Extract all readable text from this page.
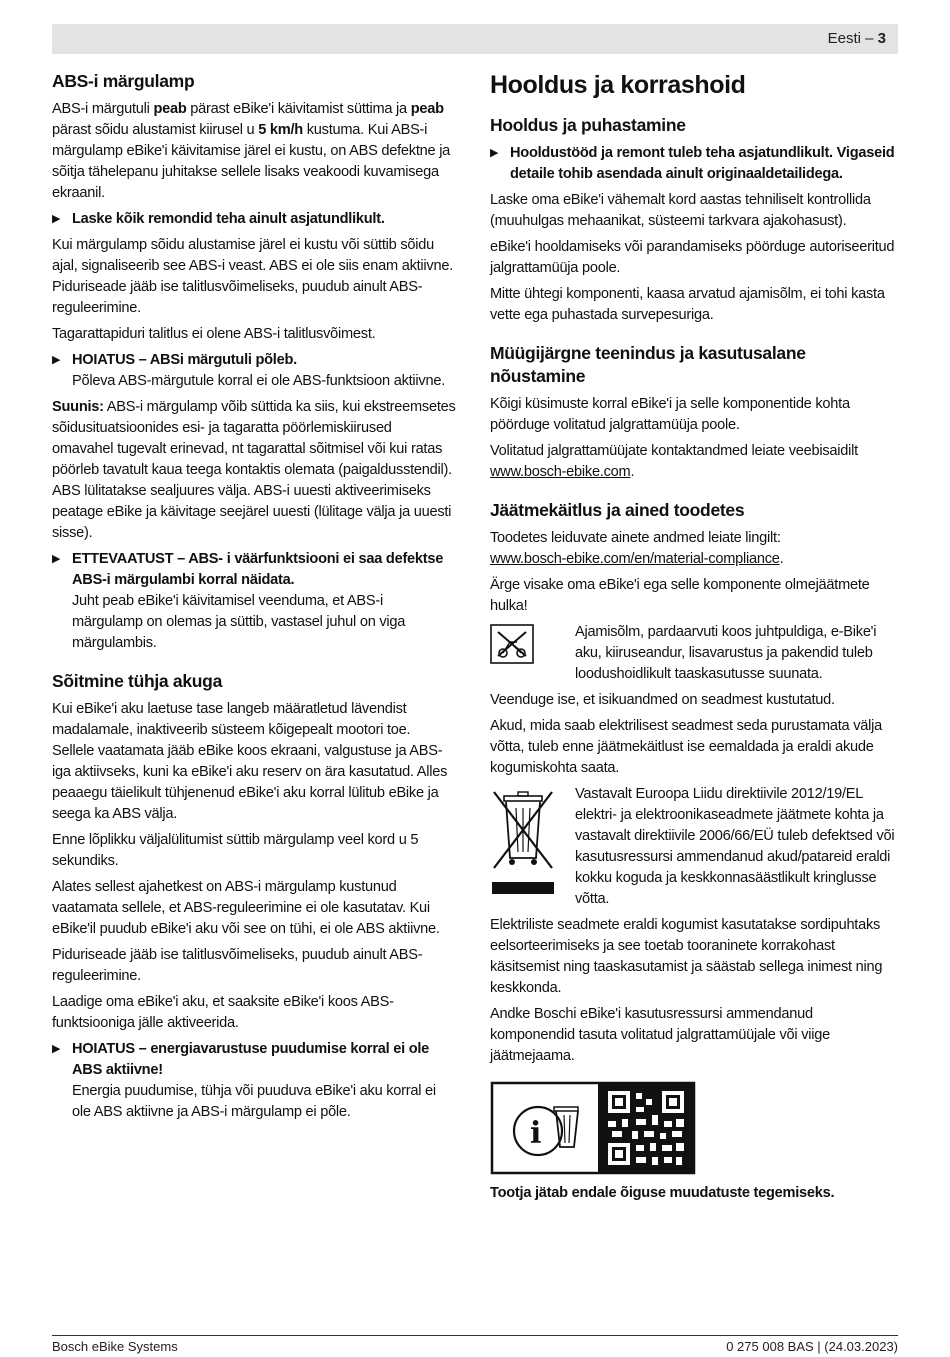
Eesti – 3
ABS-i märgulamp

ABS-i märgutuli peab pärast eBike'i käivitamist süttima ja peab pärast sõidu alustamist kiirusel u 5 km/h kustuma. Kui ABS-i märgulamp eBike'i käivitamise järel ei kustu, on ABS defektne ja sõitja tähelepanu juhitakse sellele lisaks veakoodi kuvamisega ekraanil.

▶ Laske kõik remondid teha ainult asjatundlikult.

Kui märgulamp sõidu alustamise järel ei kustu või süttib sõidu ajal, signaliseerib see ABS-i veast. ABS ei ole siis enam aktiivne. Piduriseade jääb ise talitlusvõimeliseks, puudub ainult ABS-reguleerimine.

Tagarattapiduri talitlus ei olene ABS-i talitlusvõimest.

▶ HOIATUS – ABSi märgutuli põleb.
Põleva ABS-märgutule korral ei ole ABS-funktsioon aktiivne.

Suunis: ABS-i märgulamp võib süttida ka siis, kui ekstreemsetes sõidusituatsioonides esi- ja tagaratta pöörlemiskiirused omavahel tugevalt erinevad, nt tagarattal sõitmisel või kui ratas pöörleb tavatult kaua teega kontaktis olemata (paigaldusstendil). ABS lülitatakse sealjuures välja. ABS-i uuesti aktiveerimiseks peatage eBike ja käivitage seejärel uuesti (lülitage välja ja uuesti sisse).

▶ ETTEVAATUST – ABS- i väärfunktsiooni ei saa defektse ABS-i märgulambi korral näidata.
Juht peab eBike'i käivitamisel veenduma, et ABS-i märgulamp on olemas ja süttib, vastasel juhul on viga märgulambis.
Sõitmine tühja akuga

Kui eBike'i aku laetuse tase langeb määratletud lävendist madalamale, inaktiveerib süsteem kõigepealt mootori toe. Sellele vaatamata jääb eBike koos ekraani, valgustuse ja ABS-iga aktiivseks, kuni ka eBike'i aku reserv on ära kasutatud. Alles peaaegu täielikult tühjenenud eBike'i aku korral lülitub eBike ja seega ka ABS välja.

Enne lõplikku väljalülitumist süttib märgulamp veel kord u 5 sekundiks.

Alates sellest ajahetkest on ABS-i märgulamp kustunud vaatamata sellele, et ABS-reguleerimine ei ole kasutatav. Kui eBike'il puudub eBike'i aku või see on tühi, ei ole ABS aktiivne.

Piduriseade jääb ise talitlusvõimeliseks, puudub ainult ABS-reguleerimine.

Laadige oma eBike'i aku, et saaksite eBike'i koos ABS-funktsiooniga jälle aktiveerida.

▶ HOIATUS – energiavarustuse puudumise korral ei ole ABS aktiivne!
Energia puudumise, tühja või puuduva eBike'i aku korral ei ole ABS aktiivne ja ABS-i märgulamp ei põle.
Hooldus ja korrashoid
Hooldus ja puhastamine
▶ Hooldustööd ja remont tuleb teha asjatundlikult. Vigaseid detaile tohib asendada ainult originaaldetailidega.

Laske oma eBike'i vähemalt kord aastas tehniliselt kontrollida (muuhulgas mehaanikat, süsteemi tarkvara ajakohasust).

eBike'i hooldamiseks või parandamiseks pöörduge autoriseeritud jalgrattamüüja poole.

Mitte ühtegi komponenti, kaasa arvatud ajamisõlm, ei tohi kasta vette ega puhastada survepesuriga.

Müügijärgne teenindus ja kasutusalane nõustamine

Kõigi küsimuste korral eBike'i ja selle komponentide kohta pöörduge volitatud jalgrattamüüja poole.

Volitatud jalgrattamüüjate kontaktandmed leiate veebisaidilt www.bosch-ebike.com.

Jäätmekäitlus ja ained toodetes

Toodetes leiduvate ainete andmed leiate lingilt:
www.bosch-ebike.com/en/material-compliance.

Ärge visake oma eBike'i ega selle komponente olmejäätmete hulka!

Ajamisõlm, pardaarvuti koos juhtpuldiga, e-Bike'i aku, kiiruseandur, lisavarustus ja pakendid tuleb loodushoidlikult taaskasutusse suunata.

Veenduge ise, et isikuandmed on seadmest kustutatud.

Akud, mida saab elektrilisest seadmest seda purustamata välja võtta, tuleb enne jäätmekäitlust ise eemaldada ja eraldi akude kogumiskohta saata.

Vastavalt Euroopa Liidu direktiivile 2012/19/EL elektri- ja elektroonikaseadmete jäätmete kohta ja vastavalt direktiivile 2006/66/EÜ tuleb defektsed või kasutusressursi ammendanud akud/patareid eraldi kokku koguda ja keskkonnasäästlikult kringlusse võtta.

Elektriliste seadmete eraldi kogumist kasutatakse sordipuhtaks eelsorteerimiseks ja see toetab tooraninete korrakohast käsitsemist ning taaskasutamist ja säästab sellega inimest ning keskkonda.

Andke Boschi eBike'i kasutusressursi ammendanud komponendid tasuta volitatud jalgrattamüüjale või viige jäätmejaama.

i

Tootja jätab endale õiguse muudatuste tegemiseks.

Bosch eBike Systems	0 275 008 BAS | (24.03.2023)
